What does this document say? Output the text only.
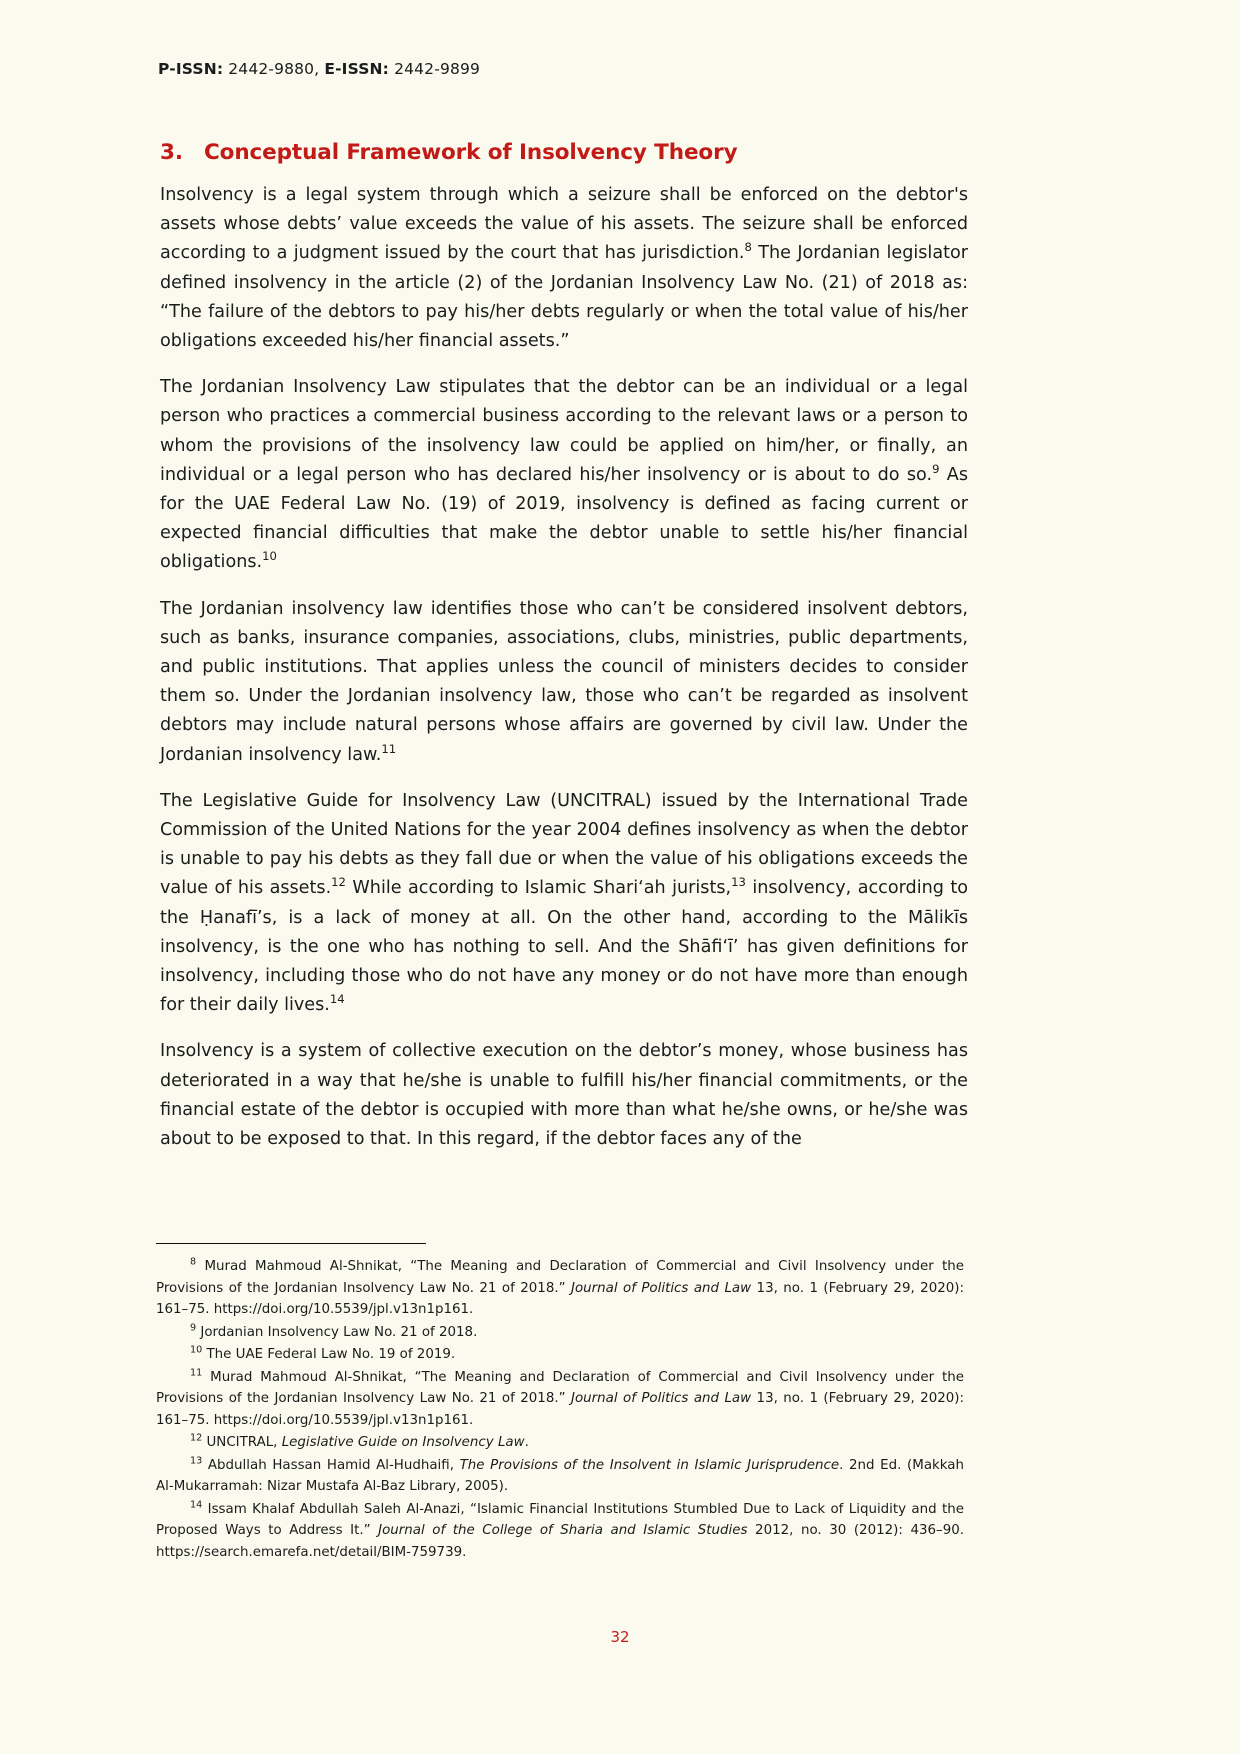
P-ISSN: 2442-9880, E-ISSN: 2442-9899
3. Conceptual Framework of Insolvency Theory

Insolvency is a legal system through which a seizure shall be enforced on the debtor's assets whose debts’ value exceeds the value of his assets. The seizure shall be enforced according to a judgment issued by the court that has jurisdiction.$^8$ The Jordanian legislator defined insolvency in the article (2) of the Jordanian Insolvency Law No. (21) of 2018 as: “The failure of the debtors to pay his/her debts regularly or when the total value of his/her obligations exceeded his/her financial assets.”

The Jordanian Insolvency Law stipulates that the debtor can be an individual or a legal person who practices a commercial business according to the relevant laws or a person to whom the provisions of the insolvency law could be applied on him/her, or finally, an individual or a legal person who has declared his/her insolvency or is about to do so.$^9$ As for the UAE Federal Law No. (19) of 2019, insolvency is defined as facing current or expected financial difficulties that make the debtor unable to settle his/her financial obligations.$^{10}$

The Jordanian insolvency law identifies those who can’t be considered insolvent debtors, such as banks, insurance companies, associations, clubs, ministries, public departments, and public institutions. That applies unless the council of ministers decides to consider them so. Under the Jordanian insolvency law, those who can’t be regarded as insolvent debtors may include natural persons whose affairs are governed by civil law. Under the Jordanian insolvency law.$^{11}$

The Legislative Guide for Insolvency Law (UNCITRAL) issued by the International Trade Commission of the United Nations for the year 2004 defines insolvency as when the debtor is unable to pay his debts as they fall due or when the value of his obligations exceeds the value of his assets.$^{12}$ While according to Islamic Shari‘ah jurists,$^{13}$ insolvency, according to the Ḥanafī’s, is a lack of money at all. On the other hand, according to the Mālikīs insolvency, is the one who has nothing to sell. And the Shāfi‘ī’ has given definitions for insolvency, including those who do not have any money or do not have more than enough for their daily lives.$^{14}$

Insolvency is a system of collective execution on the debtor’s money, whose business has deteriorated in a way that he/she is unable to fulfill his/her financial commitments, or the financial estate of the debtor is occupied with more than what he/she owns, or he/she was about to be exposed to that. In this regard, if the debtor faces any of the

$^8$ Murad Mahmoud Al-Shnikat, “The Meaning and Declaration of Commercial and Civil Insolvency under the Provisions of the Jordanian Insolvency Law No. 21 of 2018.” Journal of Politics and Law 13, no. 1 (February 29, 2020): 161–75. https://doi.org/10.5539/jpl.v13n1p161.

$^9$ Jordanian Insolvency Law No. 21 of 2018.

$^{10}$ The UAE Federal Law No. 19 of 2019.

$^{11}$ Murad Mahmoud Al-Shnikat, “The Meaning and Declaration of Commercial and Civil Insolvency under the Provisions of the Jordanian Insolvency Law No. 21 of 2018.” Journal of Politics and Law 13, no. 1 (February 29, 2020): 161–75. https://doi.org/10.5539/jpl.v13n1p161.

$^{12}$ UNCITRAL, Legislative Guide on Insolvency Law.

$^{13}$ Abdullah Hassan Hamid Al-Hudhaifi, The Provisions of the Insolvent in Islamic Jurisprudence. 2nd Ed. (Makkah Al-Mukarramah: Nizar Mustafa Al-Baz Library, 2005).

$^{14}$ Issam Khalaf Abdullah Saleh Al-Anazi, “Islamic Financial Institutions Stumbled Due to Lack of Liquidity and the Proposed Ways to Address It.” Journal of the College of Sharia and Islamic Studies 2012, no. 30 (2012): 436–90. https://search.emarefa.net/detail/BIM-759739.

32
